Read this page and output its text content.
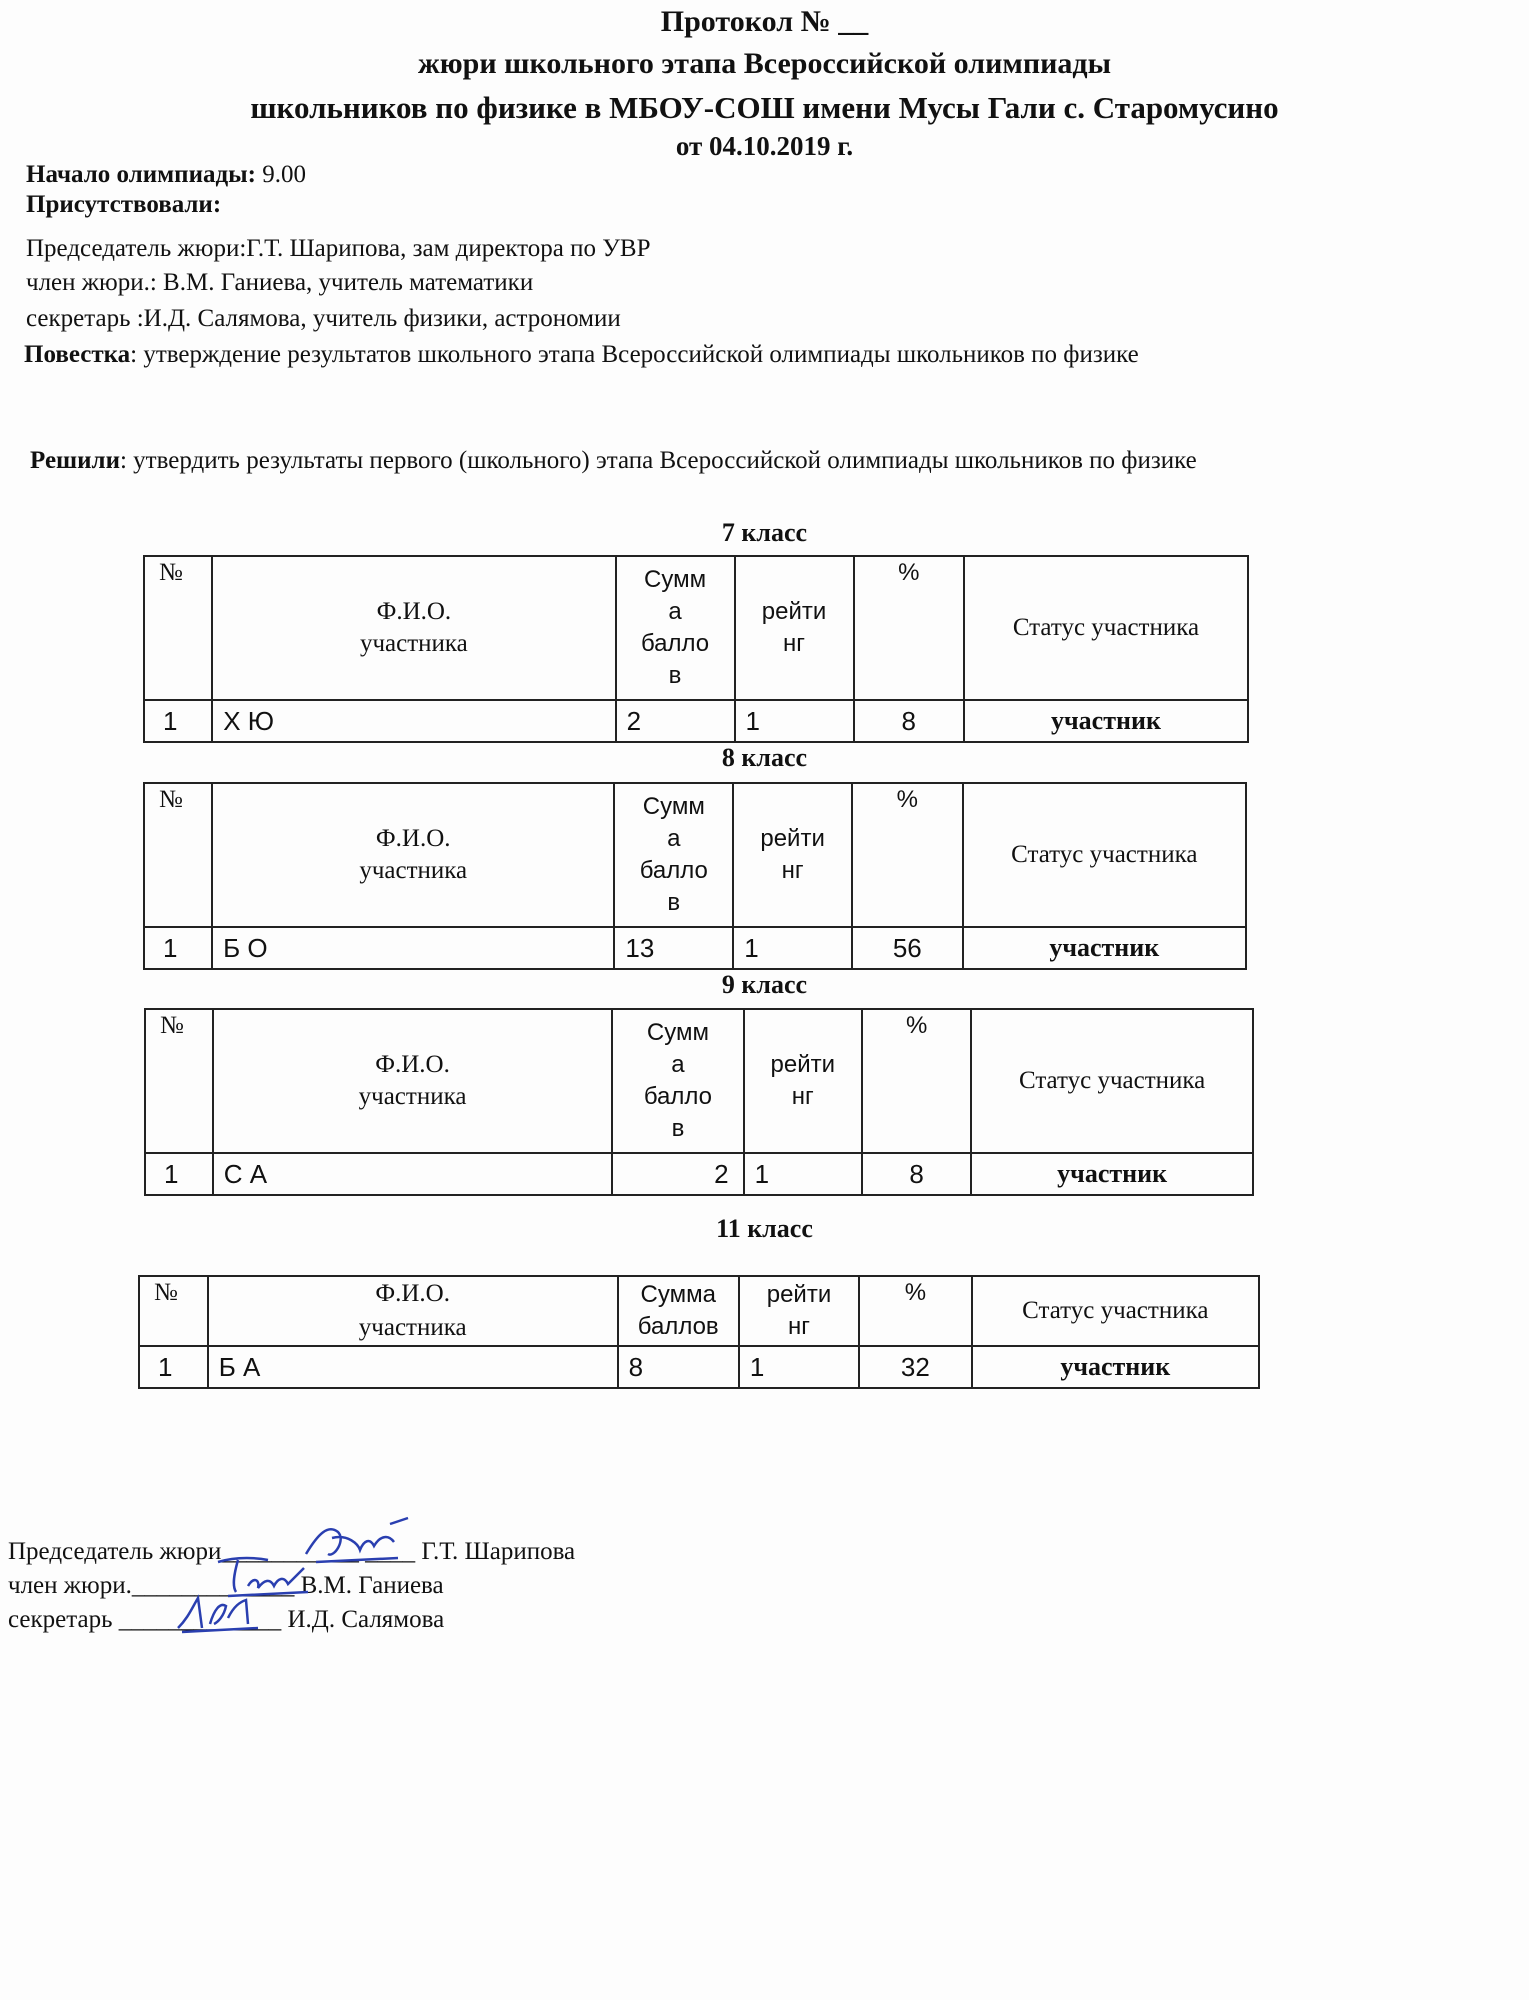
Протокол № __
жюри школьного этапа Всероссийской олимпиады
школьников по физике в МБОУ-СОШ имени Мусы Гали с. Старомусино
от 04.10.2019 г.
Начало олимпиады: 9.00
Присутствовали:
Председатель жюри:Г.Т. Шарипова, зам директора по УВР
член жюри.: В.М. Ганиева, учитель математики
секретарь :И.Д. Салямова, учитель физики, астрономии
Повестка: утверждение результатов школьного этапа Всероссийской олимпиады школьников по физике
Решили: утвердить результаты первого (школьного) этапа Всероссийской олимпиады школьников по физике
7 класс
№	Ф.И.О. участника	Сумм а балло в	рейти нг	%	Статус участника
1	Х Ю	2	1	8	участник
8 класс
№	Ф.И.О. участника	Сумм а балло в	рейти нг	%	Статус участника
1	Б О	13	1	56	участник
9 класс
№	Ф.И.О. участника	Сумм а балло в	рейти нг	%	Статус участника
1	С А	2	1	8	участник
11 класс
№	Ф.И.О. участника	Сумма баллов	рейти нг	%	Статус участника
1	Б А	8	1	32	участник
Председатель жюри___________ ____ Г.Т. Шарипова
член жюри._____________ В.М. Ганиева
секретарь _____________ И.Д. Салямова
